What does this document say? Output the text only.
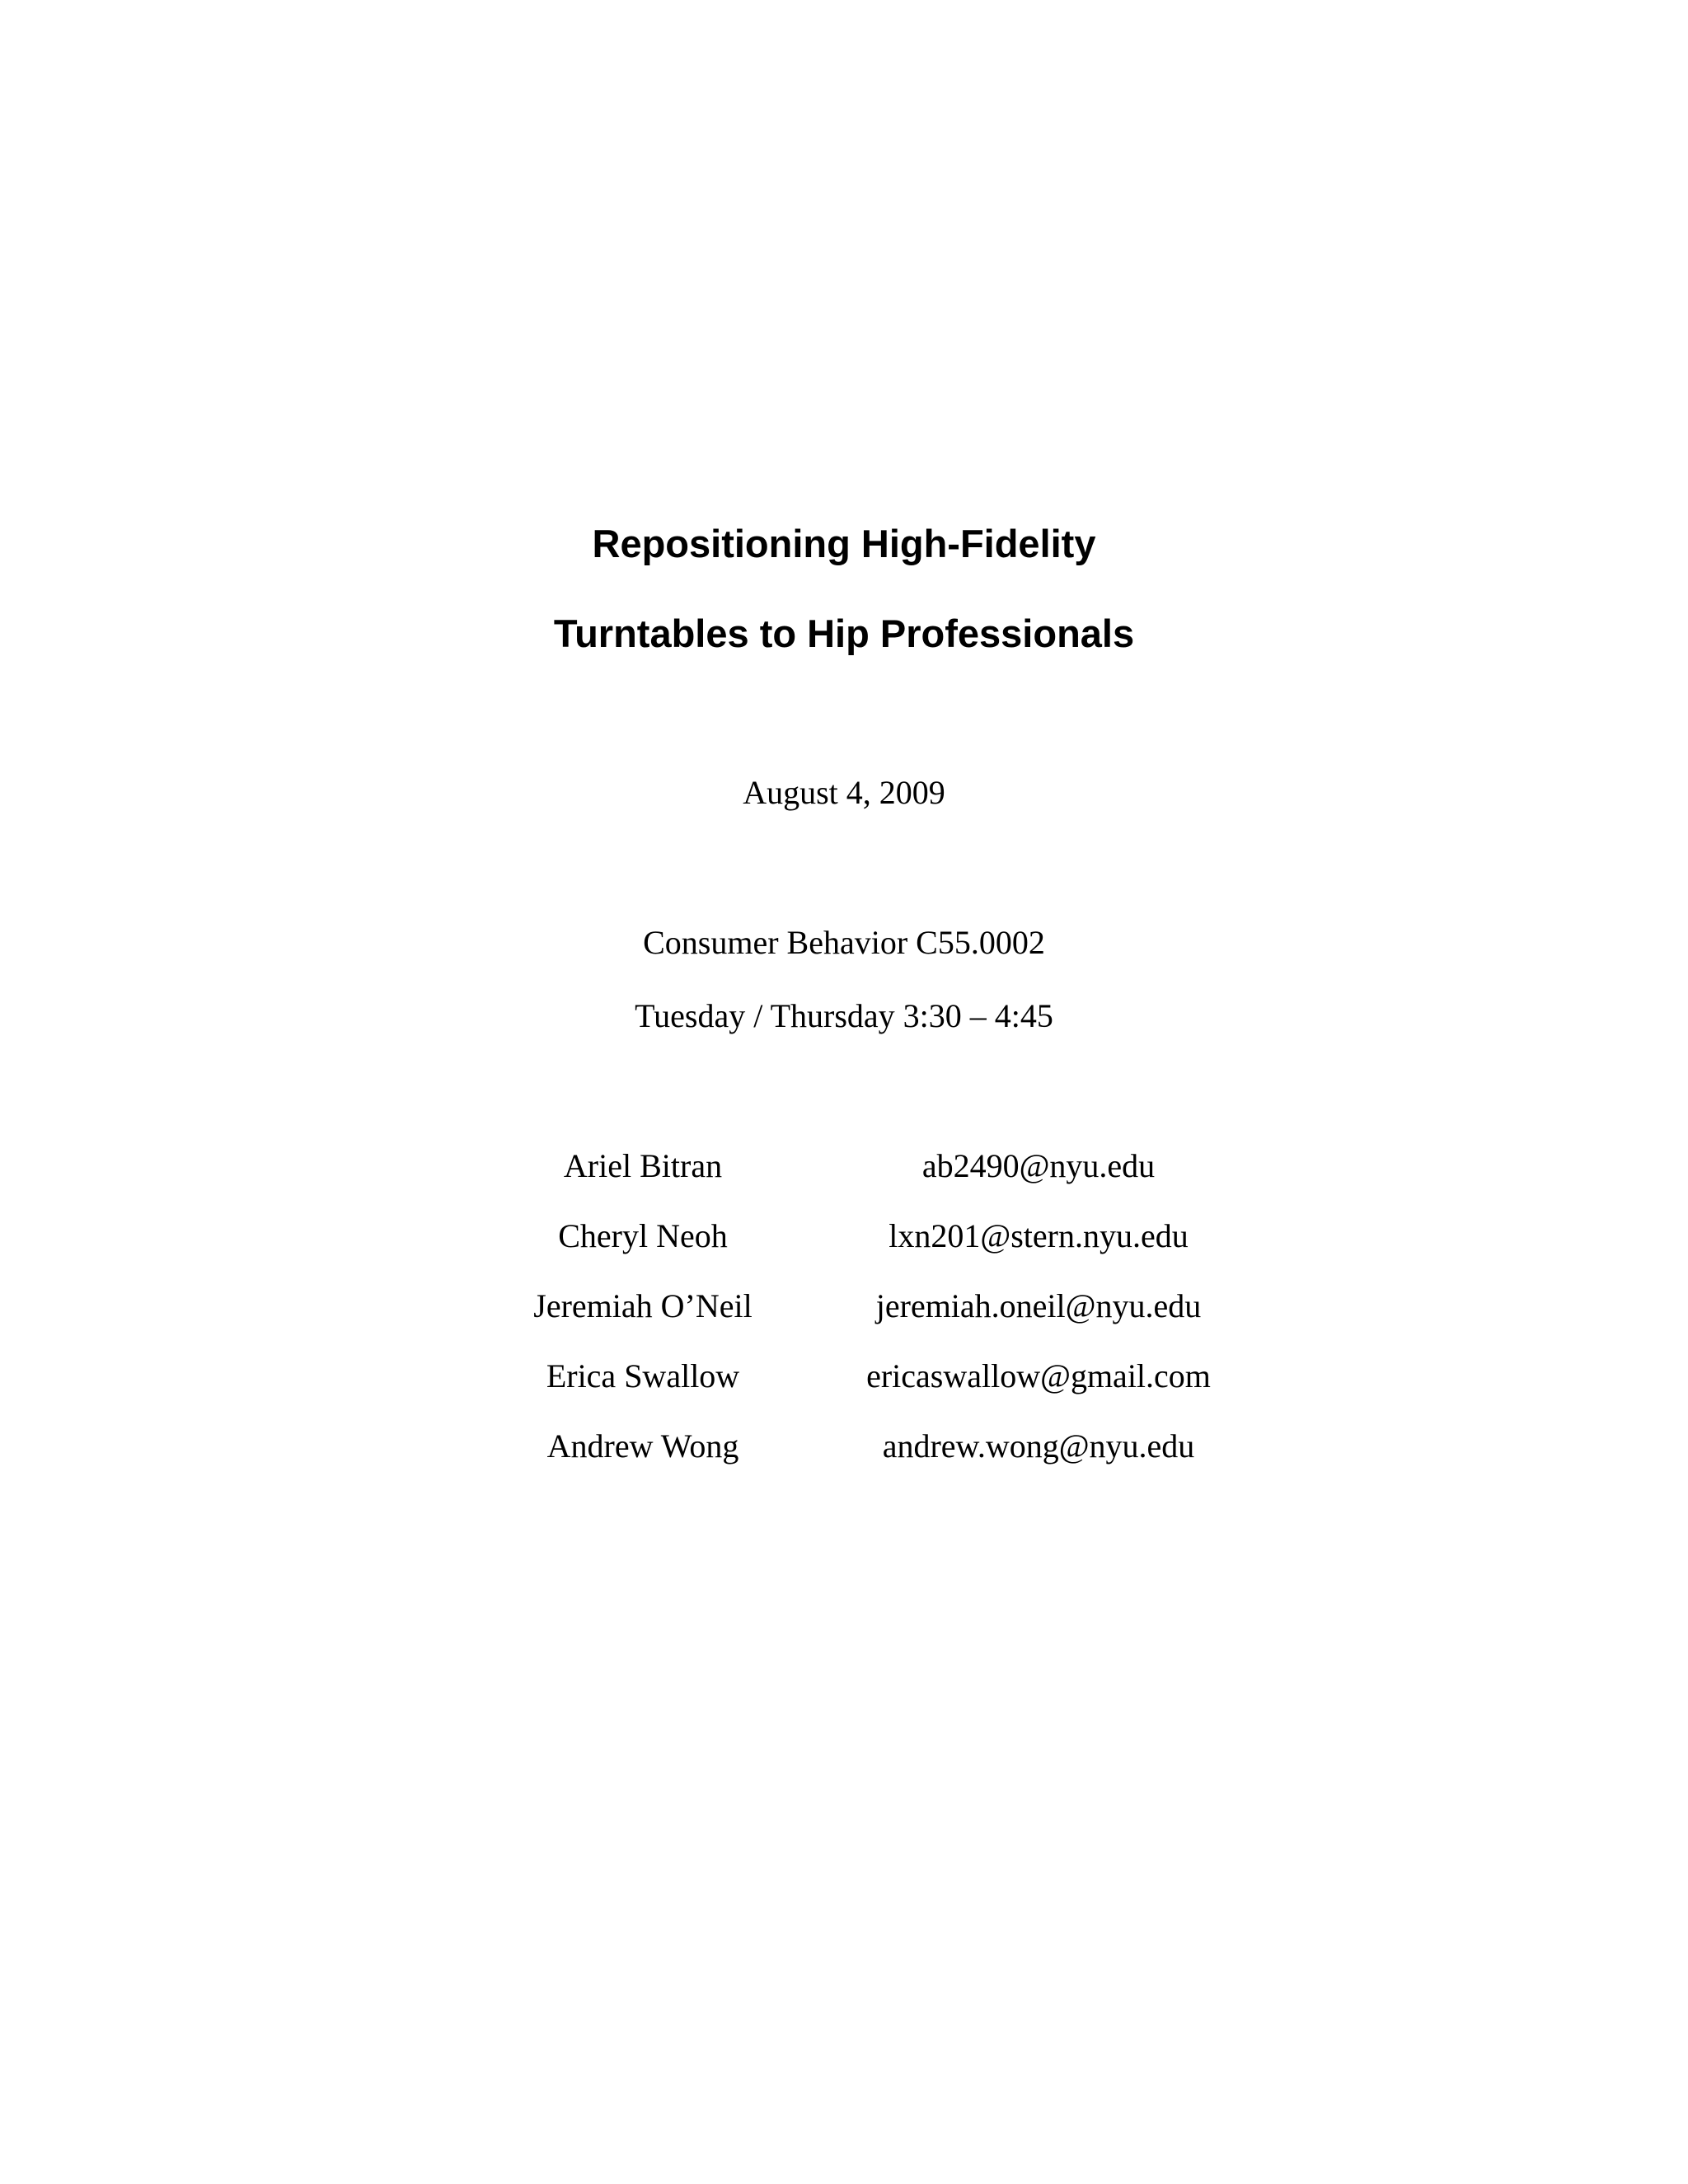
Repositioning High-Fidelity
Turntables to Hip Professionals
August 4, 2009
Consumer Behavior C55.0002
Tuesday / Thursday 3:30 – 4:45
Ariel Bitran	ab2490@nyu.edu
Cheryl Neoh	lxn201@stern.nyu.edu
Jeremiah O’Neil	jeremiah.oneil@nyu.edu
Erica Swallow	ericaswallow@gmail.com
Andrew Wong	andrew.wong@nyu.edu
